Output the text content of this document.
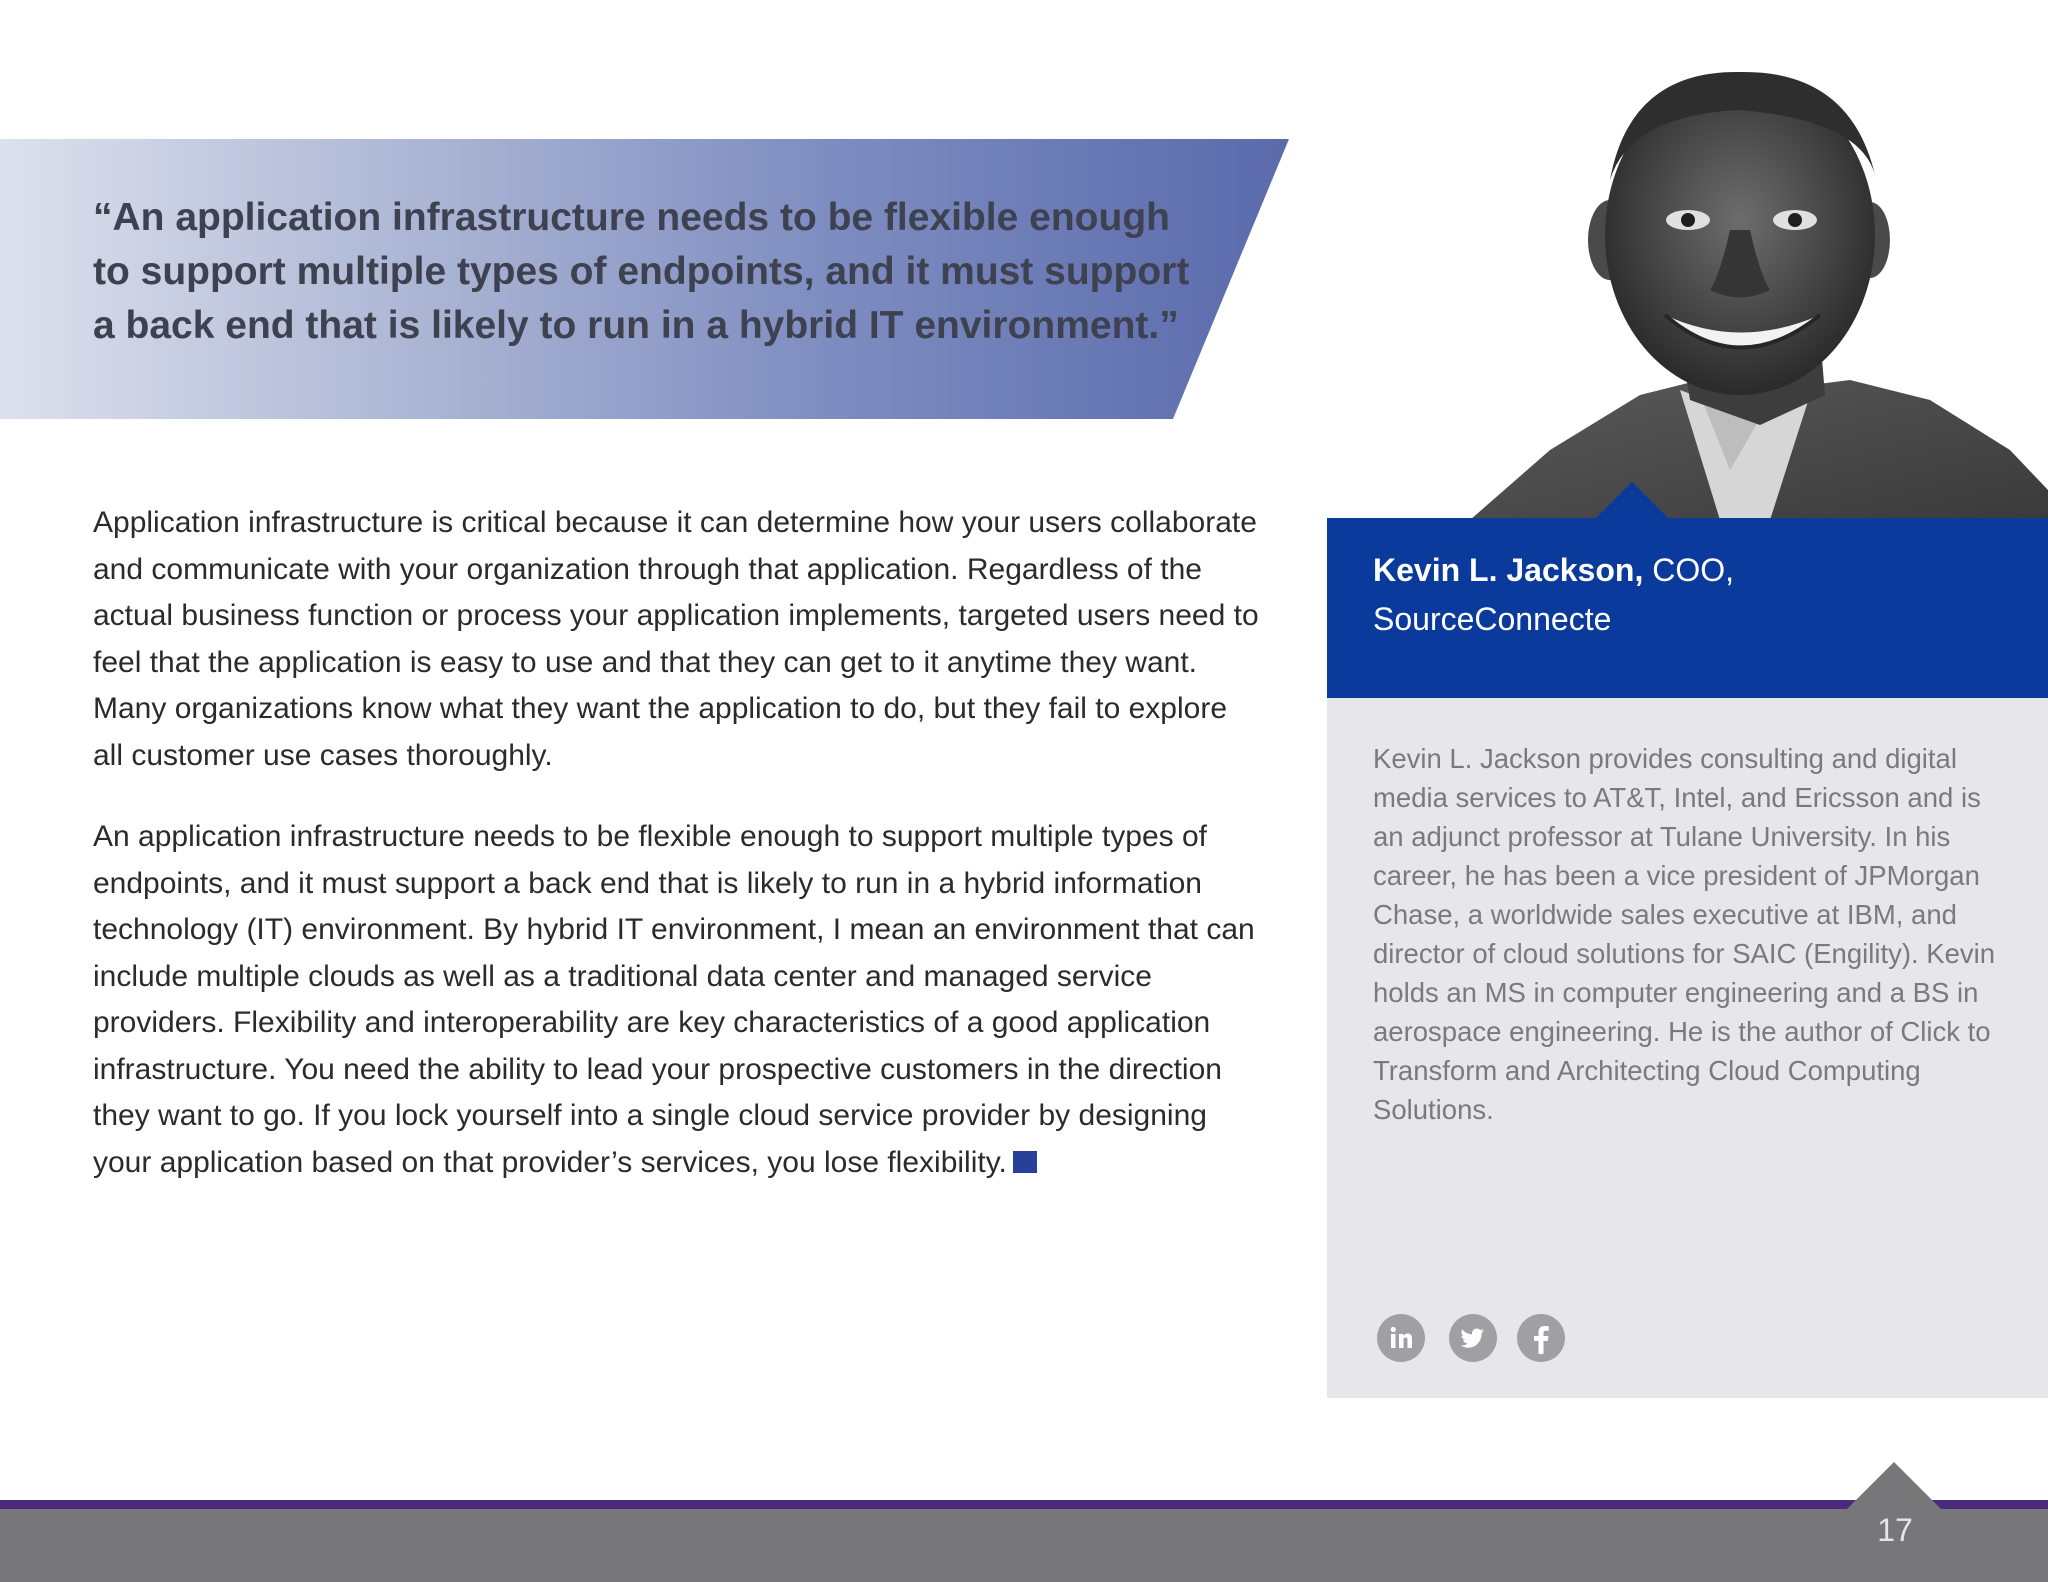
“An application infrastructure needs to be flexible enough
to support multiple types of endpoints, and it must support
a back end that is likely to run in a hybrid IT environment.”

Application infrastructure is critical because it can determine how your users collaborate and communicate with your organization through that application. Regardless of the actual business function or process your application implements, targeted users need to feel that the application is easy to use and that they can get to it anytime they want. Many organizations know what they want the application to do, but they fail to explore all customer use cases thoroughly.

An application infrastructure needs to be flexible enough to support multiple types of endpoints, and it must support a back end that is likely to run in a hybrid information technology (IT) environment. By hybrid IT environment, I mean an environment that can include multiple clouds as well as a traditional data center and managed service providers. Flexibility and interoperability are key characteristics of a good application infrastructure. You need the ability to lead your prospective customers in the direction they want to go. If you lock yourself into a single cloud service provider by designing your application based on that provider’s services, you lose flexibility.

Kevin L. Jackson, COO,
SourceConnecte
Kevin L. Jackson provides consulting and digital media services to AT&T, Intel, and Ericsson and is an adjunct professor at Tulane University. In his career, he has been a vice president of JPMorgan Chase, a worldwide sales executive at IBM, and director of cloud solutions for SAIC (Engility). Kevin holds an MS in computer engineering and a BS in aerospace engineering. He is the author of Click to Transform and Architecting Cloud Computing Solutions.
17
